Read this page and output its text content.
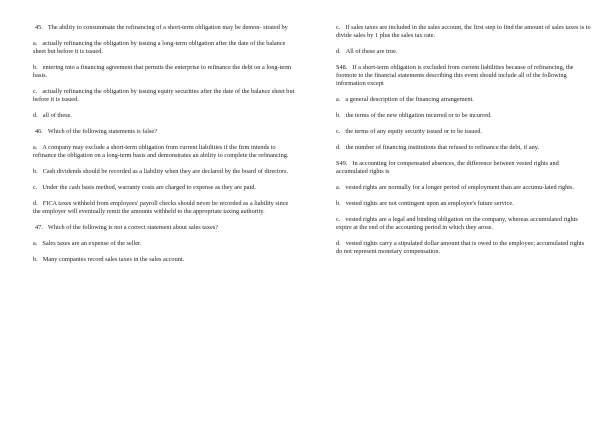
45. The ability to consummate the refinancing of a short-term obligation may be demon- strated by

a. actually refinancing the obligation by issuing a long-term obligation after the date of the balance sheet but before it is issued.

b. entering into a financing agreement that permits the enterprise to refinance the debt on a long-term basis.

c. actually refinancing the obligation by issuing equity securities after the date of the balance sheet but before it is issued.

d. all of these.

46. Which of the following statements is false?

a. A company may exclude a short-term obligation from current liabilities if the firm intends to refinance the obligation on a long-term basis and demonstrates an ability to complete the refinancing.

b. Cash dividends should be recorded as a liability when they are declared by the board of directors.

c. Under the cash basis method, warranty costs are charged to expense as they are paid.

d. FICA taxes withheld from employees' payroll checks should never be recorded as a liability since the employer will eventually remit the amounts withheld to the appropriate taxing authority.

47. Which of the following is not a correct statement about sales taxes?

a. Sales taxes are an expense of the seller.

b. Many companies record sales taxes in the sales account.

c. If sales taxes are included in the sales account, the first step to find the amount of sales taxes is to divide sales by 1 plus the sales tax rate.

d. All of these are true.

S48. If a short-term obligation is excluded from current liabilities because of refinancing, the footnote to the financial statements describing this event should include all of the following information except

a. a general description of the financing arrangement.

b. the terms of the new obligation incurred or to be incurred.

c. the terms of any equity security issued or to be issued.

d. the number of financing institutions that refused to refinance the debt, if any.

S49. In accounting for compensated absences, the difference between vested rights and accumulated rights is

a. vested rights are normally for a longer period of employment than are accumu-lated rights.

b. vested rights are not contingent upon an employee's future service.

c. vested rights are a legal and binding obligation on the company, whereas accumulated rights expire at the end of the accounting period in which they arose.

d. vested rights carry a stipulated dollar amount that is owed to the employee; accumulated rights do not represent monetary compensation.
